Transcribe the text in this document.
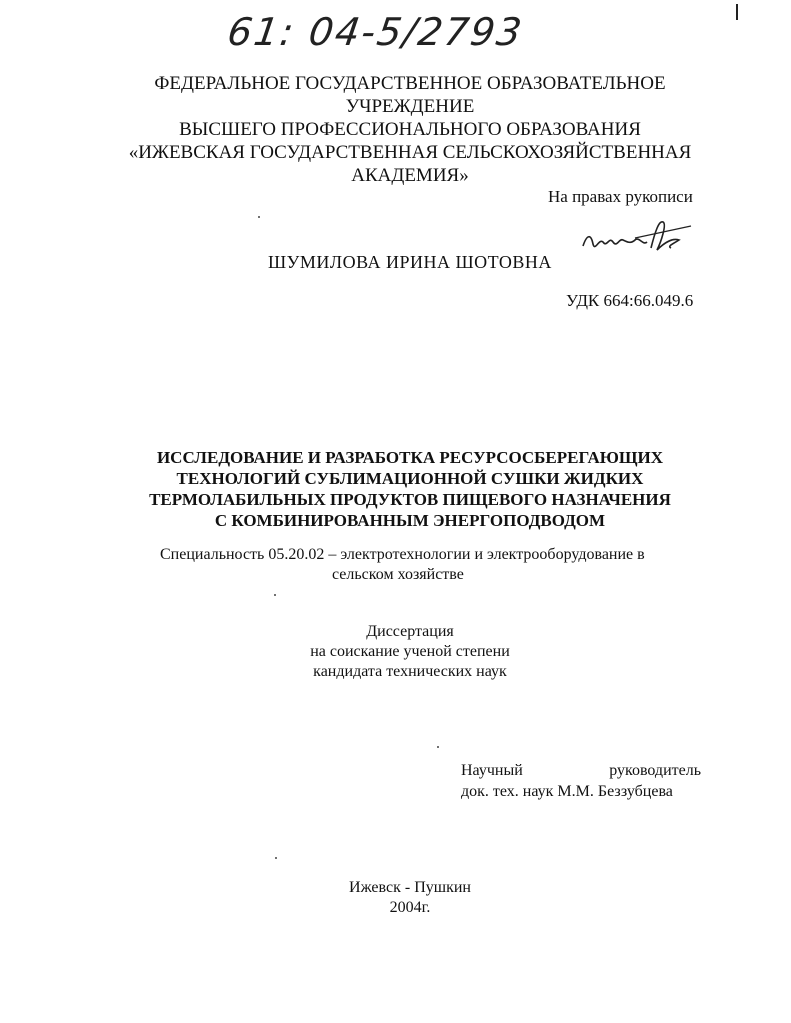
61: 04-5/2793
ФЕДЕРАЛЬНОЕ ГОСУДАРСТВЕННОЕ ОБРАЗОВАТЕЛЬНОЕ УЧРЕЖДЕНИЕ
ВЫСШЕГО ПРОФЕССИОНАЛЬНОГО ОБРАЗОВАНИЯ
«ИЖЕВСКАЯ ГОСУДАРСТВЕННАЯ СЕЛЬСКОХОЗЯЙСТВЕННАЯ
АКАДЕМИЯ»
На правах рукописи
ШУМИЛОВА ИРИНА ШОТОВНА
УДК 664:66.049.6
ИССЛЕДОВАНИЕ И РАЗРАБОТКА РЕСУРСОСБЕРЕГАЮЩИХ
ТЕХНОЛОГИЙ СУБЛИМАЦИОННОЙ СУШКИ ЖИДКИХ
ТЕРМОЛАБИЛЬНЫХ ПРОДУКТОВ ПИЩЕВОГО НАЗНАЧЕНИЯ
С КОМБИНИРОВАННЫМ ЭНЕРГОПОДВОДОМ
Специальность 05.20.02 – электротехнологии и электрооборудование в
сельском хозяйстве
Диссертация
на соискание ученой степени
кандидата технических наук
Научный	руководитель
док. тех. наук М.М. Беззубцева
Ижевск - Пушкин
2004г.
